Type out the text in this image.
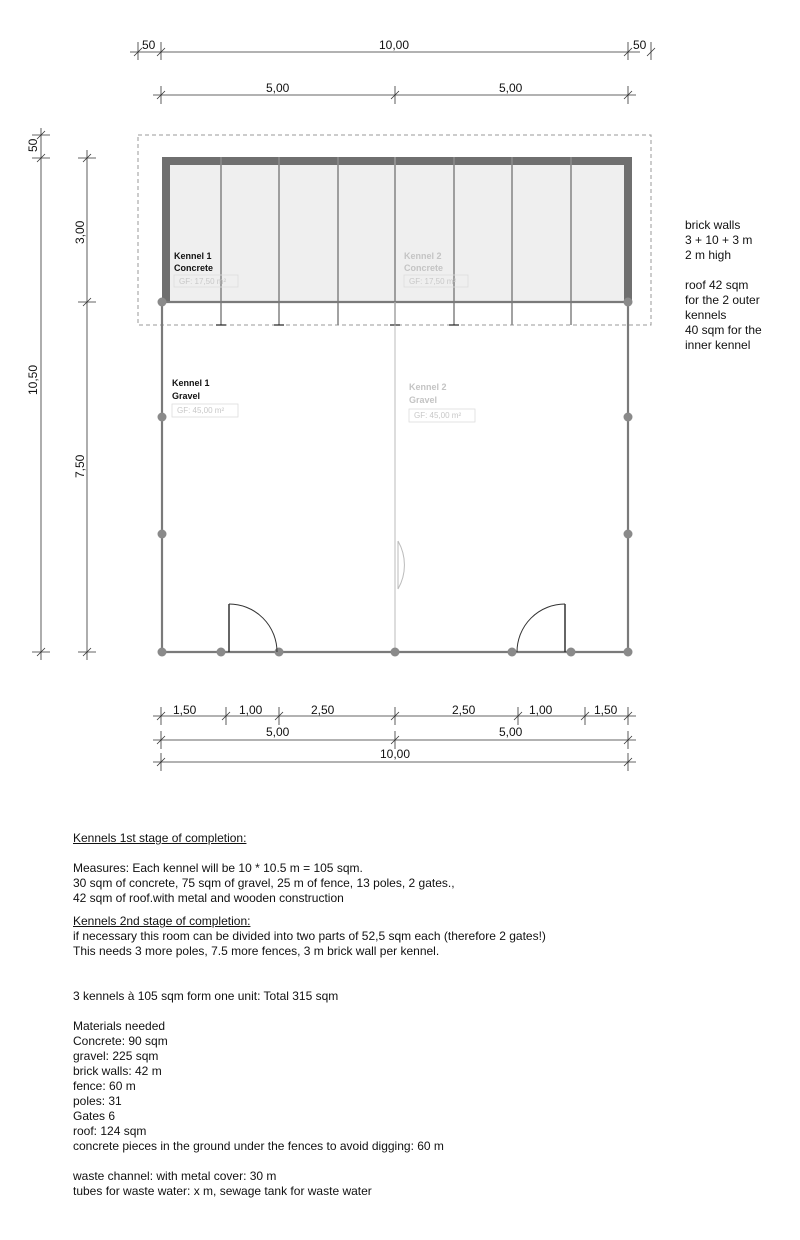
50	10,00	50
5,00	5,00
50
10,50
3,00
7,50
Kennel 1
Concrete
GF: 17,50 m²
Kennel 2
Concrete
GF: 17,50 m²
Kennel 1
Gravel
GF: 45,00 m²
Kennel 2
Gravel
GF: 45,00 m²
1,50	1,00	2,50	2,50	1,00	1,50
5,00	5,00
10,00
brick walls
3 + 10 + 3 m
2 m high
roof 42 sqm
for the 2 outer
kennels
40 sqm for the
inner kennel
Kennels 1st stage of completion:
Measures: Each kennel will be 10 * 10.5 m = 105 sqm.
30 sqm of concrete, 75 sqm of gravel, 25 m of fence, 13 poles, 2 gates.,
42 sqm of roof.with metal and wooden construction
Kennels 2nd stage of completion:
if necessary this room can be divided into two parts of 52,5 sqm each (therefore 2 gates!)
This needs 3 more poles, 7.5 more fences, 3 m brick wall per kennel.
3 kennels à 105 sqm form one unit: Total 315 sqm
Materials needed
Concrete: 90 sqm
gravel: 225 sqm
brick walls: 42 m
fence: 60 m
poles: 31
Gates 6
roof: 124 sqm
concrete pieces in the ground under the fences to avoid digging: 60 m
waste channel: with metal cover: 30 m
tubes for waste water: x m, sewage tank for waste water
